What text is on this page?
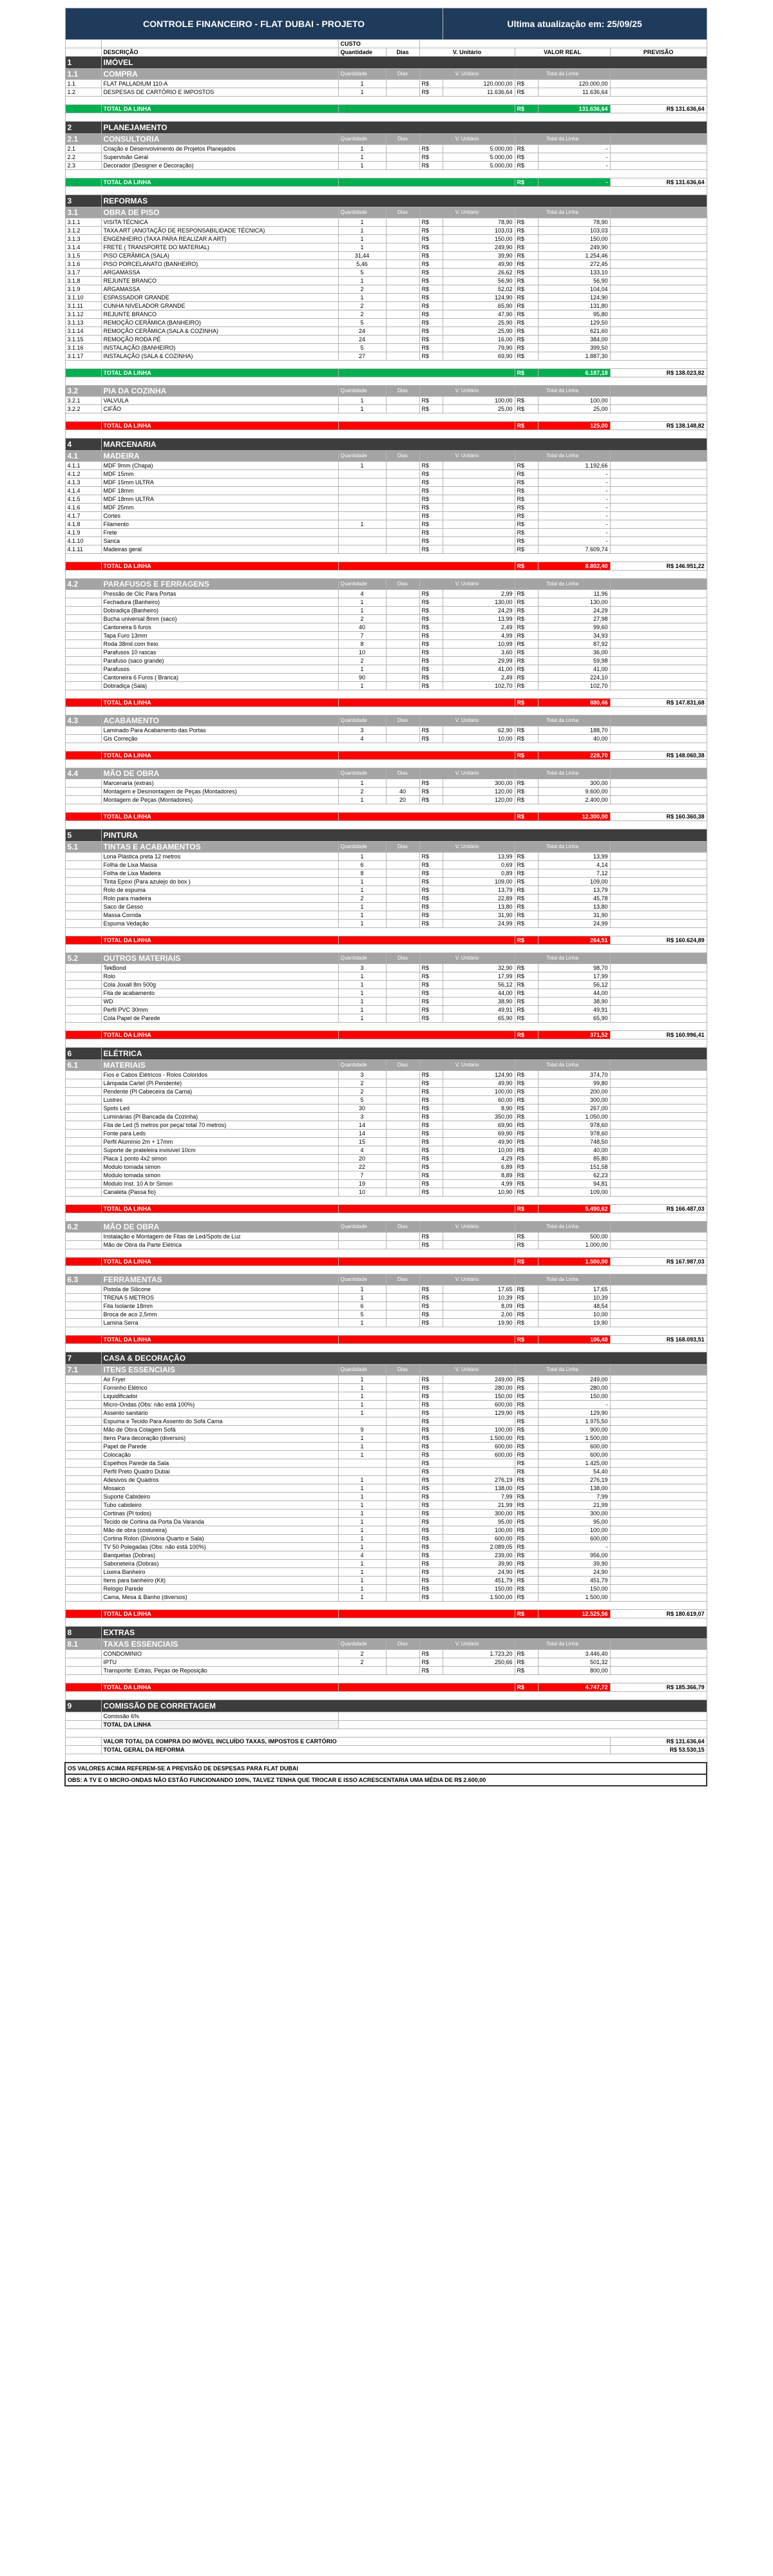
CONTROLE FINANCEIRO - FLAT DUBAI - PROJETO					Ultima atualização em: 25/09/25			
		CUSTO						
	DESCRIÇÃO	Quantidade	Dias	V. Unitário		VALOR REAL		PREVISÃO
1	IMÓVEL							
1.1	COMPRA	Quantidade	Dias	V. Unitário		Total da Linha		
1.1	FLAT PALLADIUM 110-A	1		R$	120.000,00	R$	120.000,00	
1.2	DESPESAS DE CARTÓRIO E IMPOSTOS	1		R$	11.636,64	R$	11.636,64	

	TOTAL DA LINHA					R$	131.636,64	R$ 131.636,64

2	PLANEJAMENTO							
2.1	CONSULTORIA	Quantidade	Dias	V. Unitário		Total da Linha		
2.1	Criação e Desenvolvimento de Projetos Planejados	1		R$	5.000,00	R$	-	
2.2	Supervisão Geral	1		R$	5.000,00	R$	-	
2.3	Decorador (Designer e Decoração)	1		R$	5.000,00	R$	-	

	TOTAL DA LINHA					R$	-	R$ 131.636,64

3	REFORMAS							
3.1	OBRA DE PISO	Quantidade	Dias	V. Unitário		Total da Linha		
3.1.1	VISITA TÉCNICA	1		R$	78,90	R$	78,90	
3.1.2	TAXA ART (ANOTAÇÃO DE RESPONSABILIDADE TÉCNICA)	1		R$	103,03	R$	103,03	
3.1.3	ENGENHEIRO (TAXA PARA REALIZAR A ART)	1		R$	150,00	R$	150,00	
3.1.4	FRETE ( TRANSPORTE DO MATERIAL)	1		R$	249,90	R$	249,90	
3.1.5	PISO CERÂMICA (SALA)	31,44		R$	39,90	R$	1.254,46	
3.1.6	PISO PORCELANATO (BANHEIRO)	5,46		R$	49,90	R$	272,45	
3.1.7	ARGAMASSA	5		R$	26,62	R$	133,10	
3.1.8	REJUNTE BRANCO	1		R$	56,90	R$	56,90	
3.1.9	ARGAMASSA	2		R$	52,02	R$	104,04	
3.1.10	ESPASSADOR GRANDE	1		R$	124,90	R$	124,90	
3.1.11	CUNHA NIVELADOR GRANDE	2		R$	65,90	R$	131,80	
3.1.12	REJUNTE BRANCO	2		R$	47,90	R$	95,80	
3.1.13	REMOÇÃO CERÂMICA (BANHEIRO)	5		R$	25,90	R$	129,50	
3.1.14	REMOÇÃO CERÂMICA (SALA & COZINHA)	24		R$	25,90	R$	621,60	
3.1.15	REMOÇÃO RODA PÉ	24		R$	16,00	R$	384,00	
3.1.16	INSTALAÇÃO (BANHEIRO)	5		R$	79,90	R$	399,50	
3.1.17	INSTALAÇÃO (SALA & COZINHA)	27		R$	69,90	R$	1.887,30	

	TOTAL DA LINHA					R$	6.187,18	R$ 138.023,82

3.2	PIA DA COZINHA	Quantidade	Dias	V. Unitário		Total da Linha		
3.2.1	VALVULA	1		R$	100,00	R$	100,00	
3.2.2	CIFÃO	1		R$	25,00	R$	25,00	

	TOTAL DA LINHA					R$	125,00	R$ 138.148,82

4	MARCENARIA							
4.1	MADEIRA	Quantidade	Dias	V. Unitário		Total da Linha		
4.1.1	MDF 9mm (Chapa)	1		R$		R$	1.192,66	
4.1.2	MDF 15mm			R$		R$	-	
4.1.3	MDF 15mm ULTRA			R$		R$	-	
4.1.4	MDF 18mm			R$		R$	-	
4.1.5	MDF 18mm ULTRA			R$		R$	-	
4.1.6	MDF 25mm			R$		R$	-	
4.1.7	Cortes			R$		R$	-	
4.1.8	Filamento	1		R$		R$	-	
4.1.9	Frete			R$		R$	-	
4.1.10	Sanca			R$		R$	-	
4.1.11	Madeiras geral			R$		R$	7.609,74	

	TOTAL DA LINHA					R$	8.802,40	R$ 146.951,22

4.2	PARAFUSOS E FERRAGENS	Quantidade	Dias	V. Unitário		Total da Linha		
	Pressão de Clic Para Portas	4		R$	2,99	R$	11,96	
	Fechadura (Banheiro)	1		R$	130,00	R$	130,00	
	Dobradiça (Banheiro)	1		R$	24,29	R$	24,29	
	Bucha universal 8mm (saco)	2		R$	13,99	R$	27,98	
	Cantoneira 6 furos	40		R$	2,49	R$	99,60	
	Tapa Furo 13mm	7		R$	4,99	R$	34,93	
	Roda 38mil com freio	8		R$	10,99	R$	87,92	
	Parafusos 10 rascas	10		R$	3,60	R$	36,00	
	Parafuso (saco grande)	2		R$	29,99	R$	59,98	
	Parafusos	1		R$	41,00	R$	41,00	
	Cantoneira 6 Furos ( Branca)	90		R$	2,49	R$	224,10	
	Dobradiça (Sala)	1		R$	102,70	R$	102,70	

	TOTAL DA LINHA					R$	880,46	R$ 147.831,68

4.3	ACABAMENTO	Quantidade	Dias	V. Unitário		Total da Linha		
	Laminado Para Acabamento das Portas	3		R$	62,90	R$	188,70	
	Gis Correção	4		R$	10,00	R$	40,00	

	TOTAL DA LINHA					R$	228,70	R$ 148.060,38

4.4	MÃO DE OBRA	Quantidade	Dias	V. Unitário		Total da Linha		
	Marcenaria (extras)	1		R$	300,00	R$	300,00	
	Montagem e Desmontagem de Peças (Montadores)	2	40	R$	120,00	R$	9.600,00	
	Montagem de Peças (Montadores)	1	20	R$	120,00	R$	2.400,00	

	TOTAL DA LINHA					R$	12.300,00	R$ 160.360,38

5	PINTURA							
5.1	TINTAS E ACABAMENTOS	Quantidade	Dias	V. Unitário		Total da Linha		
	Lona Plástica preta 12 metros	1		R$	13,99	R$	13,99	
	Folha de Lixa Massa	6		R$	0,69	R$	4,14	
	Folha de Lixa Madeira	8		R$	0,89	R$	7,12	
	Tinta Epoxi (Para azulejo do box )	1		R$	109,00	R$	109,00	
	Rolo de espuma	1		R$	13,79	R$	13,79	
	Rolo para madeira	2		R$	22,89	R$	45,78	
	Saco de Gesso	1		R$	13,80	R$	13,80	
	Massa Corrida	1		R$	31,90	R$	31,90	
	Espuma Vedação	1		R$	24,99	R$	24,99	

	TOTAL DA LINHA					R$	264,51	R$ 160.624,89

5.2	OUTROS MATERIAIS	Quantidade	Dias	V. Unitário		Total da Linha		
	TekBond	3		R$	32,90	R$	98,70	
	Rolo	1		R$	17,99	R$	17,99	
	Cola Joxall 8m 500g	1		R$	56,12	R$	56,12	
	Fita de acabamento	1		R$	44,00	R$	44,00	
	WD	1		R$	38,90	R$	38,90	
	Perfil PVC 30mm	1		R$	49,91	R$	49,91	
	Cola Papel de Parede	1		R$	65,90	R$	65,90	

	TOTAL DA LINHA					R$	371,52	R$ 160.996,41

6	ELÉTRICA							
6.1	MATERIAIS	Quantidade	Dias	V. Unitário		Total da Linha		
	Fios e Cabos Elétricos - Rolos Coloridos	3		R$	124,90	R$	374,70	
	Lâmpada Cartel (Pl Pendente)	2		R$	49,90	R$	99,80	
	Pendente (Pl Cabeceira da Cama)	2		R$	100,00	R$	200,00	
	Lustres	5		R$	60,00	R$	300,00	
	Spots Led	30		R$	8,90	R$	267,00	
	Luminárias (Pl Bancada da Cozinha)	3		R$	350,00	R$	1.050,00	
	Fita de Led (5 metros por peça/ total 70 metros)	14		R$	69,90	R$	978,60	
	Fonte para Leds	14		R$	69,90	R$	978,60	
	Perfil Alumínio 2m + 17mm	15		R$	49,90	R$	748,50	
	Suporte de prateleira invisível 10cm	4		R$	10,00	R$	40,00	
	Placa 1 ponto 4x2 simon	20		R$	4,29	R$	85,80	
	Modulo tomada simon	22		R$	6,89	R$	151,58	
	Modulo tomada simon	7		R$	8,89	R$	62,23	
	Modulo Inst. 10 A br Simon	19		R$	4,99	R$	94,81	
	Canaleta (Passa fio)	10		R$	10,90	R$	109,00	

	TOTAL DA LINHA					R$	5.490,62	R$ 166.487,03

6.2	MÃO DE OBRA	Quantidade	Dias	V. Unitário		Total da Linha		
	Instalação e Montagem de Fitas de Led/Spots de Luz			R$		R$	500,00	
	Mão de Obra da Parte Elétrica			R$		R$	1.000,00	

	TOTAL DA LINHA					R$	1.500,00	R$ 167.987,03

6.3	FERRAMENTAS	Quantidade	Dias	V. Unitário		Total da Linha		
	Pistola de Silicone	1		R$	17,65	R$	17,65	
	TRENA 5 METROS	1		R$	10,39	R$	10,39	
	Fita Isolante 18mm	6		R$	8,09	R$	48,54	
	Broca de aco 2,5mm	5		R$	2,00	R$	10,00	
	Lamina Serra	1		R$	19,90	R$	19,90	

	TOTAL DA LINHA					R$	106,48	R$ 168.093,51

7	CASA & DECORAÇÃO							
7.1	ITENS ESSENCIAIS	Quantidade	Dias	V. Unitário		Total da Linha		
	Air Fryer	1		R$	249,00	R$	249,00	
	Forninho Elétrico	1		R$	280,00	R$	280,00	
	Liquidificador	1		R$	150,00	R$	150,00	
	Micro-Ondas (Obs: não está 100%)	1		R$	600,00	R$	-	
	Assento sanitário	1		R$	129,90	R$	129,90	
	Espuma e Tecido Para Assento do Sofá Cama			R$		R$	1.975,50	
	Mão de Obra Colagem Sofá	9		R$	100,00	R$	900,00	
	Itens Para decoração (diversos)	1		R$	1.500,00	R$	1.500,00	
	Papel de Parede	1		R$	600,00	R$	600,00	
	Colocação	1		R$	600,00	R$	600,00	
	Espelhos Parede da Sala			R$		R$	1.425,00	
	Perfil Preto Quadro Dubai			R$		R$	54,40	
	Adesivos de Quadros	1		R$	276,19	R$	276,19	
	Mosaico	1		R$	138,00	R$	138,00	
	Suporte Cabideiro	1		R$	7,99	R$	7,99	
	Tubo cabideiro	1		R$	21,99	R$	21,99	
	Cortinas (Pl todos)	1		R$	300,00	R$	300,00	
	Tecido de Cortina da Porta Da Varanda	1		R$	95,00	R$	95,00	
	Mão de obra (costureira)	1		R$	100,00	R$	100,00	
	Cortina Rolon (Divisória Quarto e Sala)	1		R$	600,00	R$	600,00	
	TV 50 Polegadas (Obs: não está 100%)	1		R$	2.089,05	R$	-	
	Banquetas (Dobras)	4		R$	239,00	R$	956,00	
	Saboneteira (Dobras)	1		R$	39,90	R$	39,90	
	Lixeira Banheiro	1		R$	24,90	R$	24,90	
	Itens para banheiro (Kit)	1		R$	451,79	R$	451,79	
	Relógio Parede	1		R$	150,00	R$	150,00	
	Cama, Mesa & Banho (diversos)	1		R$	1.500,00	R$	1.500,00	

	TOTAL DA LINHA					R$	12.525,56	R$ 180.619,07

8	EXTRAS							
8.1	TAXAS ESSENCIAIS	Quantidade	Dias	V. Unitário		Total da Linha		
	CONDOMINIO	2		R$	1.723,20	R$	3.446,40	
	IPTU	2		R$	250,66	R$	501,32	
	Transporte: Extras, Peças de Reposição			R$		R$	800,00	

	TOTAL DA LINHA					R$	4.747,72	R$ 185.366,79

9	COMISSÃO DE CORRETAGEM							
	Comissão 6%							
	TOTAL DA LINHA							

	VALOR TOTAL DA COMPRA DO IMÓVEL INCLUÍDO TAXAS, IMPOSTOS E CARTÓRIO							R$ 131.636,64
	TOTAL GERAL DA REFORMA							R$ 53.530,15

OS VALORES ACIMA REFEREM-SE A PREVISÃO DE DESPESAS PARA FLAT DUBAI								
OBS: A TV E O MICRO-ONDAS NÃO ESTÃO FUNCIONANDO 100%, TALVEZ TENHA QUE TROCAR E ISSO ACRESCENTARIA UMA MÉDIA DE R$ 2.600,00								
